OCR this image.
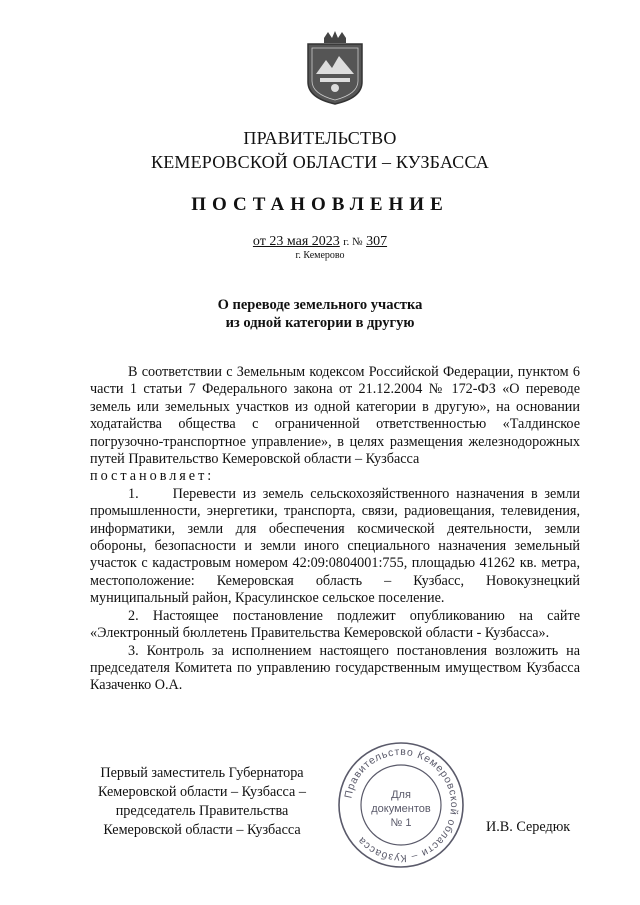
ПРАВИТЕЛЬСТВО
КЕМЕРОВСКОЙ ОБЛАСТИ – КУЗБАССА
ПОСТАНОВЛЕНИЕ
от 23 мая 2023 г. № 307
г. Кемерово
О переводе земельного участка
из одной категории в другую

В соответствии с Земельным кодексом Российской Федерации, пунктом 6 части 1 статьи 7 Федерального закона от 21.12.2004 № 172-ФЗ «О переводе земель или земельных участков из одной категории в другую», на основании ходатайства общества с ограниченной ответственностью «Талдинское погрузочно-транспортное управление», в целях размещения железнодорожных путей Правительство Кемеровской области – Кузбасса

постановляет:

1. Перевести из земель сельскохозяйственного назначения в земли промышленности, энергетики, транспорта, связи, радиовещания, телевидения, информатики, земли для обеспечения космической деятельности, земли обороны, безопасности и земли иного специального назначения земельный участок с кадастровым номером 42:09:0804001:755, площадью 41262 кв. метра, местоположение: Кемеровская область – Кузбасс, Новокузнецкий муниципальный район, Красулинское сельское поселение.

2. Настоящее постановление подлежит опубликованию на сайте «Электронный бюллетень Правительства Кемеровской области - Кузбасса».

3. Контроль за исполнением настоящего постановления возложить на председателя Комитета по управлению государственным имуществом Кузбасса Казаченко О.А.

Первый заместитель Губернатора
Кемеровской области – Кузбасса –
председатель Правительства
Кемеровской области – Кузбасса	И.В. Середюк
Правительство Кемеровской области – Кузбасса
Для
документов
№ 1
